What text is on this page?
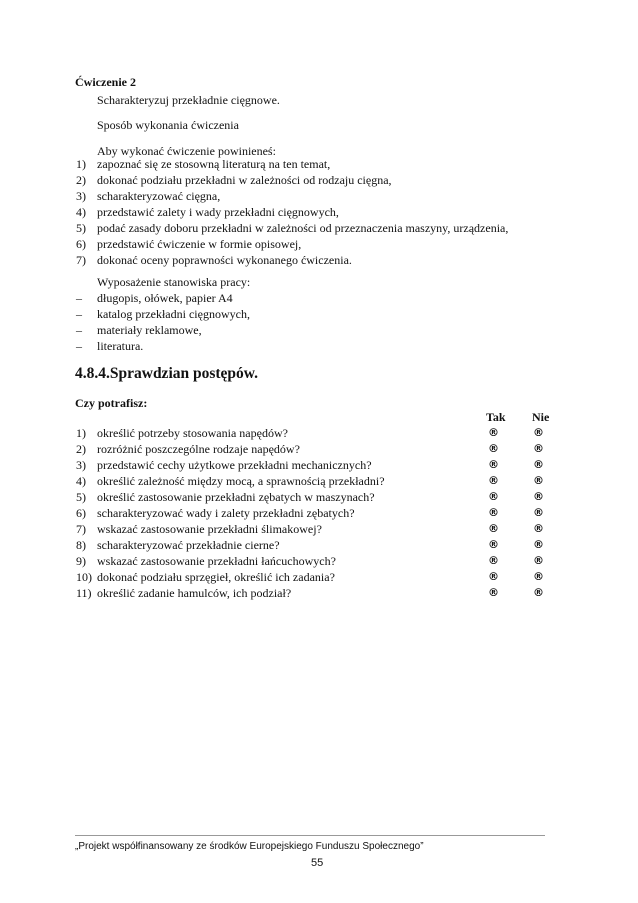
Ćwiczenie 2
Scharakteryzuj przekładnie cięgnowe.
Sposób wykonania ćwiczenia
Aby wykonać ćwiczenie powinieneś:
1) zapoznać się ze stosowną literaturą na ten temat,
2) dokonać podziału przekładni w zależności od rodzaju cięgna,
3) scharakteryzować cięgna,
4) przedstawić zalety i wady przekładni cięgnowych,
5) podać zasady doboru przekładni w zależności od przeznaczenia maszyny, urządzenia,
6) przedstawić ćwiczenie w formie opisowej,
7) dokonać oceny poprawności wykonanego ćwiczenia.
Wyposażenie stanowiska pracy:
– długopis, ołówek, papier A4
– katalog przekładni cięgnowych,
– materiały reklamowe,
– literatura.
4.8.4.Sprawdzian postępów.
Czy potrafisz:
Tak Nie
1) określić potrzeby stosowania napędów?	®	®
2) rozróżnić poszczególne rodzaje napędów?	®	®
3) przedstawić cechy użytkowe przekładni mechanicznych?	®	®
4) określić zależność między mocą, a sprawnością przekładni?	®	®
5) określić zastosowanie przekładni zębatych w maszynach?	®	®
6) scharakteryzować wady i zalety przekładni zębatych?	®	®
7) wskazać zastosowanie przekładni ślimakowej?	®	®
8) scharakteryzować przekładnie cierne?	®	®
9) wskazać zastosowanie przekładni łańcuchowych?	®	®
10) dokonać podziału sprzęgieł, określić ich zadania?	®	®
11) określić zadanie hamulców, ich podział?	®	®
„Projekt współfinansowany ze środków Europejskiego Funduszu Społecznego”
55
